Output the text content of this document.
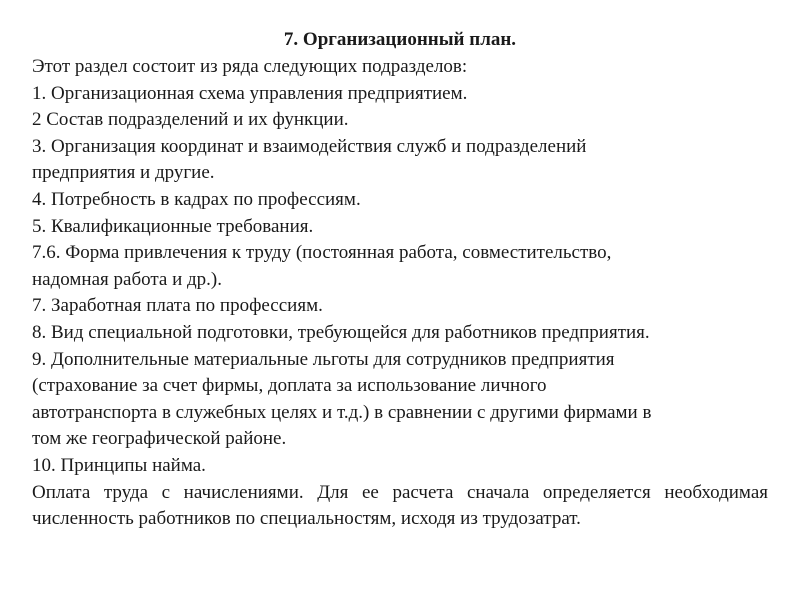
7. Организационный план.

Этот раздел состоит из ряда следующих подразделов:

1. Организационная схема управления предприятием.

2 Состав подразделений и их функции.

3. Организация координат и взаимодействия служб и подразделений

предприятия и другие.

4. Потребность в кадрах по профессиям.

5. Квалификационные требования.

7.6. Форма привлечения к труду (постоянная работа, совместительство,

надомная работа и др.).

7. Заработная плата по профессиям.

8. Вид специальной подготовки, требующейся для работников предприятия.

9. Дополнительные материальные льготы для сотрудников предприятия

(страхование за счет фирмы, доплата за использование личного

автотранспорта в служебных целях и т.д.) в сравнении с другими фирмами в

том же географической районе.

10. Принципы найма.

Оплата труда с начислениями. Для ее расчета сначала определяется необходимая численность работников по специальностям, исходя из трудозатрат.
